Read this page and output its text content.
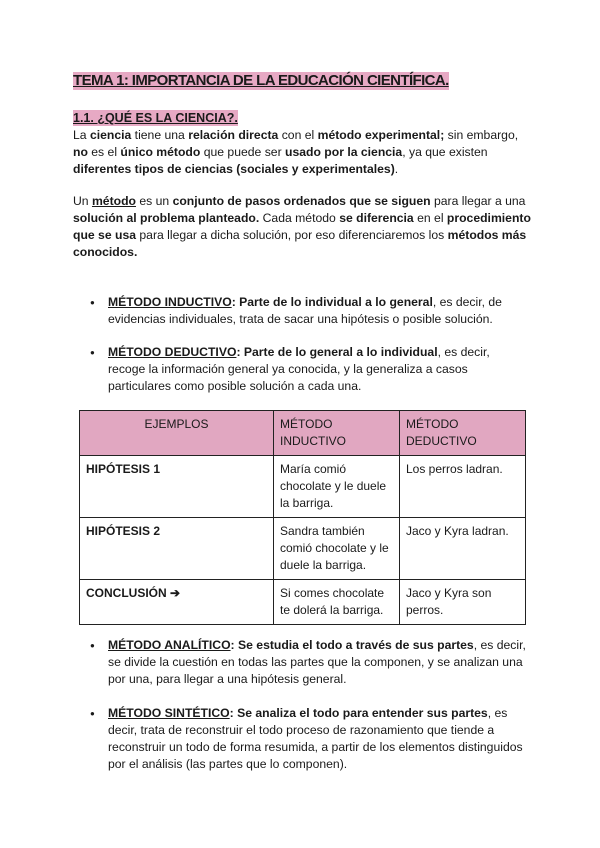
TEMA 1: IMPORTANCIA DE LA EDUCACIÓN CIENTÍFICA.
1.1. ¿QUÉ ES LA CIENCIA?.
La ciencia tiene una relación directa con el método experimental; sin embargo, no es el único método que puede ser usado por la ciencia, ya que existen diferentes tipos de ciencias (sociales y experimentales).
Un método es un conjunto de pasos ordenados que se siguen para llegar a una solución al problema planteado. Cada método se diferencia en el procedimiento que se usa para llegar a dicha solución, por eso diferenciaremos los métodos más conocidos.
● MÉTODO INDUCTIVO: Parte de lo individual a lo general, es decir, de evidencias individuales, trata de sacar una hipótesis o posible solución.
● MÉTODO DEDUCTIVO: Parte de lo general a lo individual, es decir, recoge la información general ya conocida, y la generaliza a casos particulares como posible solución a cada una.
EJEMPLOS	MÉTODO INDUCTIVO	MÉTODO DEDUCTIVO
HIPÓTESIS 1	María comió chocolate y le duele la barriga.	Los perros ladran.
HIPÓTESIS 2	Sandra también comió chocolate y le duele la barriga.	Jaco y Kyra ladran.
CONCLUSIÓN ➔	Si comes chocolate te dolerá la barriga.	Jaco y Kyra son perros.
● MÉTODO ANALÍTICO: Se estudia el todo a través de sus partes, es decir, se divide la cuestión en todas las partes que la componen, y se analizan una por una, para llegar a una hipótesis general.
● MÉTODO SINTÉTICO: Se analiza el todo para entender sus partes, es decir, trata de reconstruir el todo proceso de razonamiento que tiende a reconstruir un todo de forma resumida, a partir de los elementos distinguidos por el análisis (las partes que lo componen).
